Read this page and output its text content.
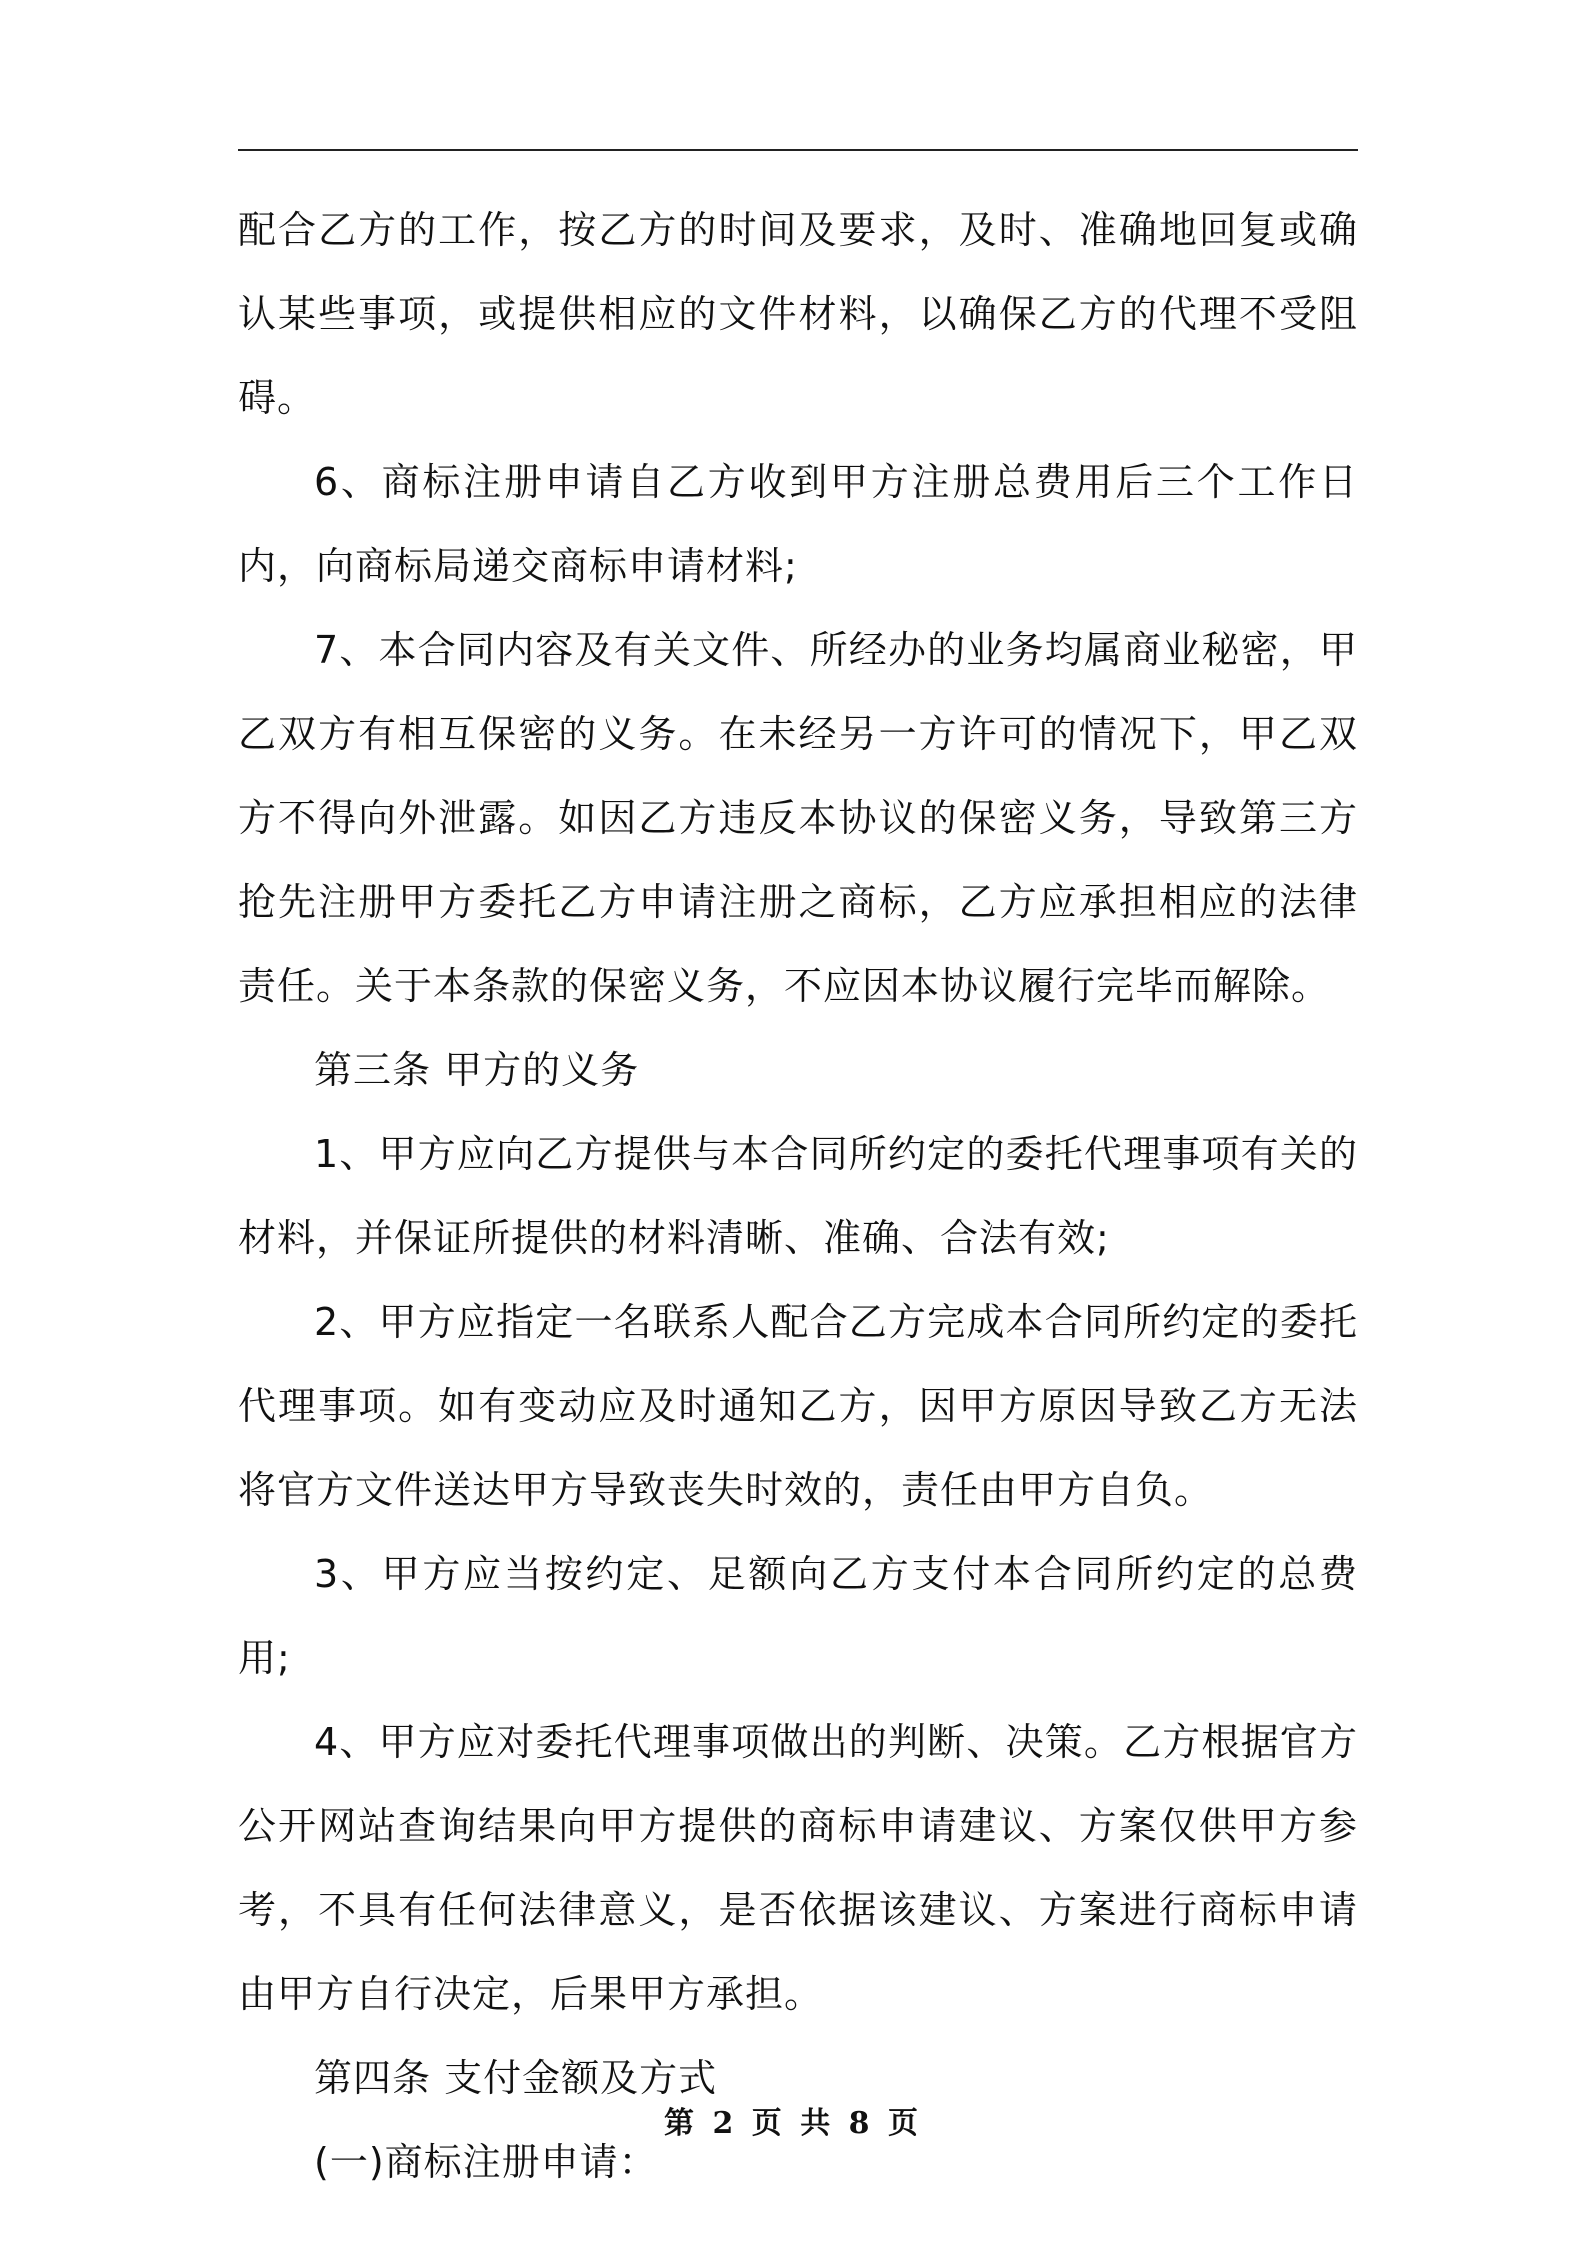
配合乙方的工作，按乙方的时间及要求，及时、准确地回复或确认某些事项，或提供相应的文件材料，以确保乙方的代理不受阻碍。

6、商标注册申请自乙方收到甲方注册总费用后三个工作日内，向商标局递交商标申请材料;

7、本合同内容及有关文件、所经办的业务均属商业秘密，甲乙双方有相互保密的义务。在未经另一方许可的情况下，甲乙双方不得向外泄露。如因乙方违反本协议的保密义务，导致第三方抢先注册甲方委托乙方申请注册之商标，乙方应承担相应的法律责任。关于本条款的保密义务，不应因本协议履行完毕而解除。

第三条 甲方的义务

1、甲方应向乙方提供与本合同所约定的委托代理事项有关的材料，并保证所提供的材料清晰、准确、合法有效;

2、甲方应指定一名联系人配合乙方完成本合同所约定的委托代理事项。如有变动应及时通知乙方，因甲方原因导致乙方无法将官方文件送达甲方导致丧失时效的，责任由甲方自负。

3、甲方应当按约定、足额向乙方支付本合同所约定的总费用;

4、甲方应对委托代理事项做出的判断、决策。乙方根据官方公开网站查询结果向甲方提供的商标申请建议、方案仅供甲方参考，不具有任何法律意义，是否依据该建议、方案进行商标申请由甲方自行决定，后果甲方承担。

第四条 支付金额及方式

(一)商标注册申请：

第 2 页 共 8 页
